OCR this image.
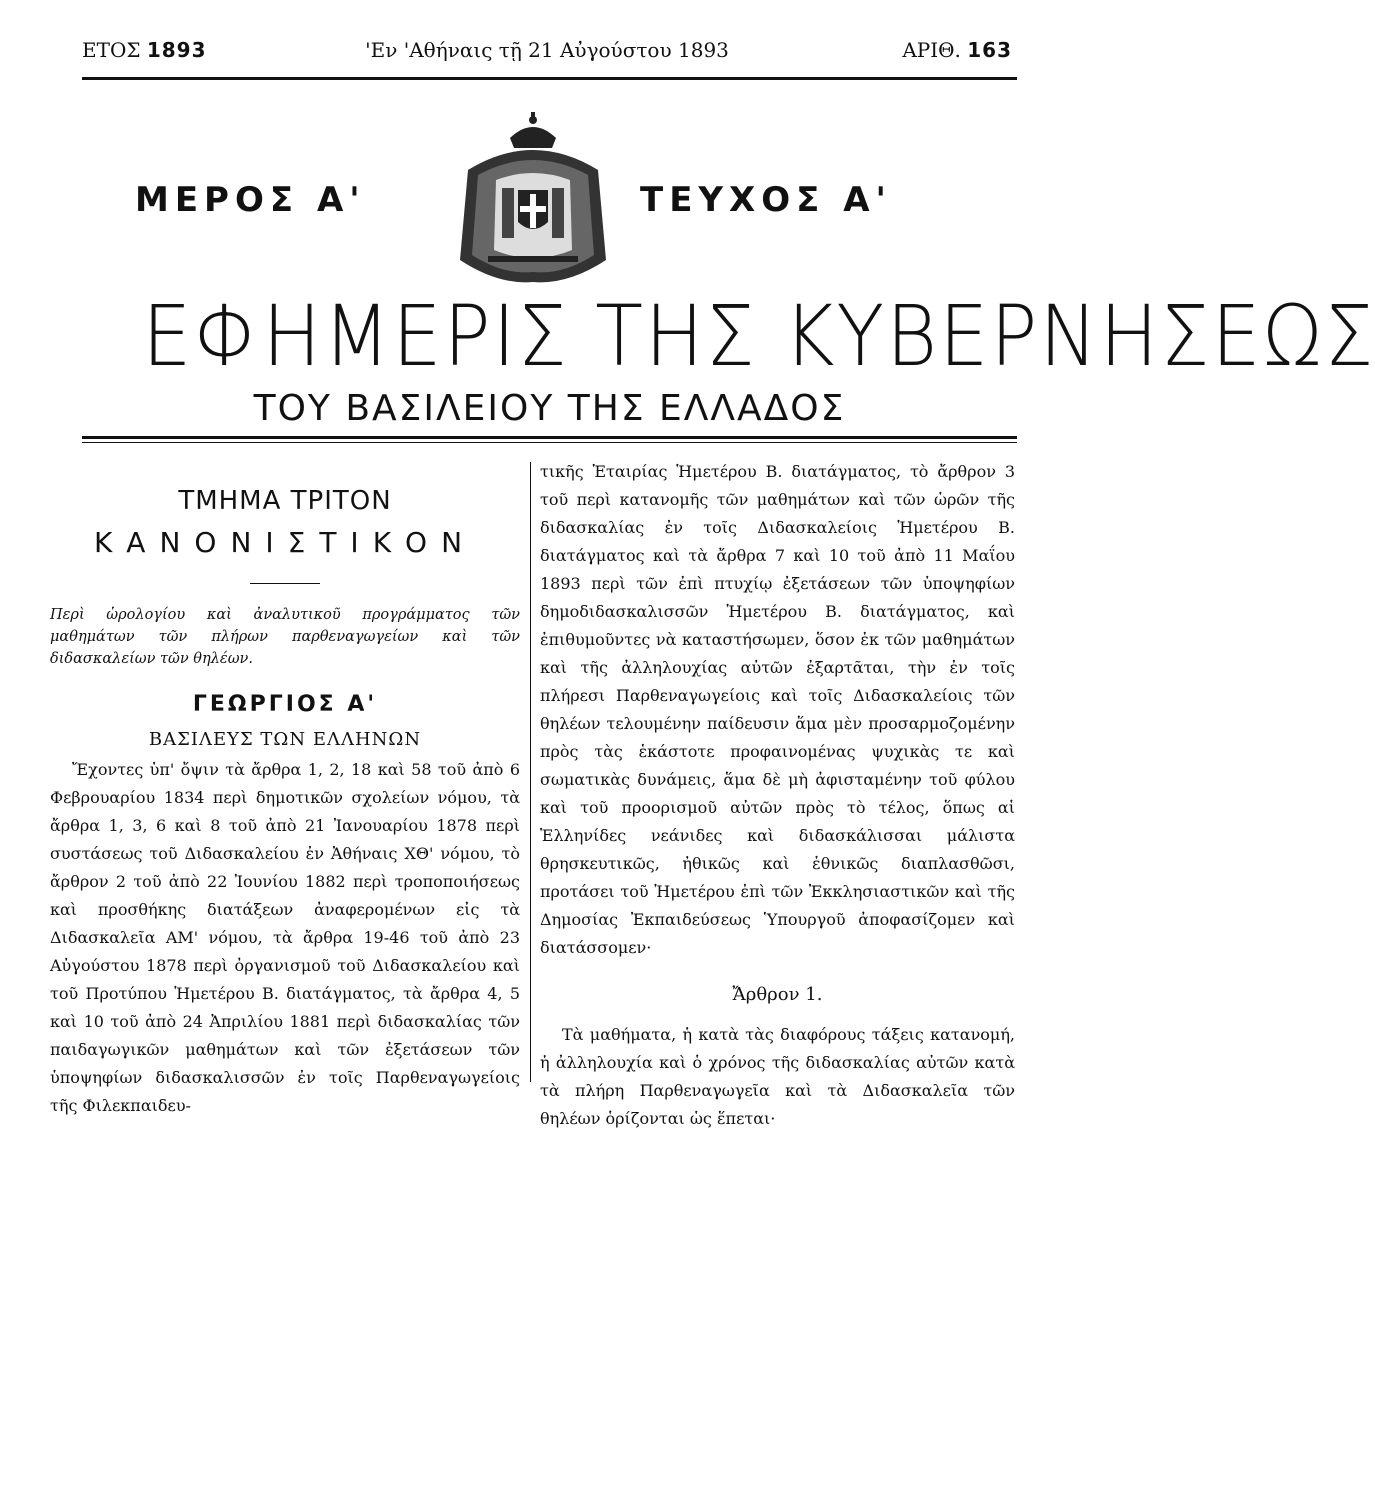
ΕΤΟΣ 1893	'Εν 'Αθήναις τῇ 21 Αὐγούστου 1893	ΑΡΙΘ. 163
ΜΕΡΟΣ Α'	ΤΕΥΧΟΣ Α'
ΕΦΗΜΕΡΙΣ ΤΗΣ ΚΥΒΕΡΝΗΣΕΩΣ
ΤΟΥ ΒΑΣΙΛΕΙΟΥ ΤΗΣ ΕΛΛΑΔΟΣ
ΤΜΗΜΑ ΤΡΙΤΟΝ
ΚΑΝΟΝΙΣΤΙΚΟΝ
Περὶ ὡρολογίου καὶ ἀναλυτικοῦ προγράμματος τῶν μαθημάτων τῶν πλήρων παρθεναγωγείων καὶ τῶν διδασκαλείων τῶν θηλέων.
ΓΕΩΡΓΙΟΣ Α'
ΒΑΣΙΛΕΥΣ ΤΩΝ ΕΛΛΗΝΩΝ
Ἔχοντες ὑπ' ὄψιν τὰ ἄρθρα 1, 2, 18 καὶ 58 τοῦ ἀπὸ 6 Φεβρουαρίου 1834 περὶ δημοτικῶν σχολείων νόμου, τὰ ἄρθρα 1, 3, 6 καὶ 8 τοῦ ἀπὸ 21 Ἰανουαρίου 1878 περὶ συστάσεως τοῦ Διδασκαλείου ἐν Ἀθήναις ΧΘ' νόμου, τὸ ἄρθρον 2 τοῦ ἀπὸ 22 Ἰουνίου 1882 περὶ τροποποιήσεως καὶ προσθήκης διατάξεων ἀναφερομένων εἰς τὰ Διδασκαλεῖα ΑΜ' νόμου, τὰ ἄρθρα 19-46 τοῦ ἀπὸ 23 Αὐγούστου 1878 περὶ ὀργανισμοῦ τοῦ Διδασκαλείου καὶ τοῦ Προτύπου Ἡμετέρου Β. διατάγματος, τὰ ἄρθρα 4, 5 καὶ 10 τοῦ ἀπὸ 24 Ἀπριλίου 1881 περὶ διδασκαλίας τῶν παιδαγωγικῶν μαθημάτων καὶ τῶν ἐξετάσεων τῶν ὑποψηφίων διδασκαλισσῶν ἐν τοῖς Παρθεναγωγείοις τῆς Φιλεκπαιδευ-
τικῆς Ἑταιρίας Ἡμετέρου Β. διατάγματος, τὸ ἄρθρον 3 τοῦ περὶ κατανομῆς τῶν μαθημάτων καὶ τῶν ὡρῶν τῆς διδασκαλίας ἐν τοῖς Διδασκαλείοις Ἡμετέρου Β. διατάγματος καὶ τὰ ἄρθρα 7 καὶ 10 τοῦ ἀπὸ 11 Μαΐου 1893 περὶ τῶν ἐπὶ πτυχίῳ ἐξετάσεων τῶν ὑποψηφίων δημοδιδασκαλισσῶν Ἡμετέρου Β. διατάγματος, καὶ ἐπιθυμοῦντες νὰ καταστήσωμεν, ὅσον ἐκ τῶν μαθημάτων καὶ τῆς ἀλληλουχίας αὐτῶν ἐξαρτᾶται, τὴν ἐν τοῖς πλήρεσι Παρθεναγωγείοις καὶ τοῖς Διδασκαλείοις τῶν θηλέων τελουμένην παίδευσιν ἅμα μὲν προσαρμοζομένην πρὸς τὰς ἑκάστοτε προφαινομένας ψυχικὰς τε καὶ σωματικὰς δυνάμεις, ἅμα δὲ μὴ ἀφισταμένην τοῦ φύλου καὶ τοῦ προορισμοῦ αὐτῶν πρὸς τὸ τέλος, ὅπως αἱ Ἑλληνίδες νεάνιδες καὶ διδασκάλισσαι μάλιστα θρησκευτικῶς, ἠθικῶς καὶ ἐθνικῶς διαπλασθῶσι, προτάσει τοῦ Ἡμετέρου ἐπὶ τῶν Ἐκκλησιαστικῶν καὶ τῆς Δημοσίας Ἐκπαιδεύσεως Ὑπουργοῦ ἀποφασίζομεν καὶ διατάσσομεν·
Ἄρθρον 1.
Τὰ μαθήματα, ἡ κατὰ τὰς διαφόρους τάξεις κατανομή, ἡ ἀλληλουχία καὶ ὁ χρόνος τῆς διδασκαλίας αὐτῶν κατὰ τὰ πλήρη Παρθεναγωγεῖα καὶ τὰ Διδασκαλεῖα τῶν θηλέων ὁρίζονται ὡς ἕπεται·
